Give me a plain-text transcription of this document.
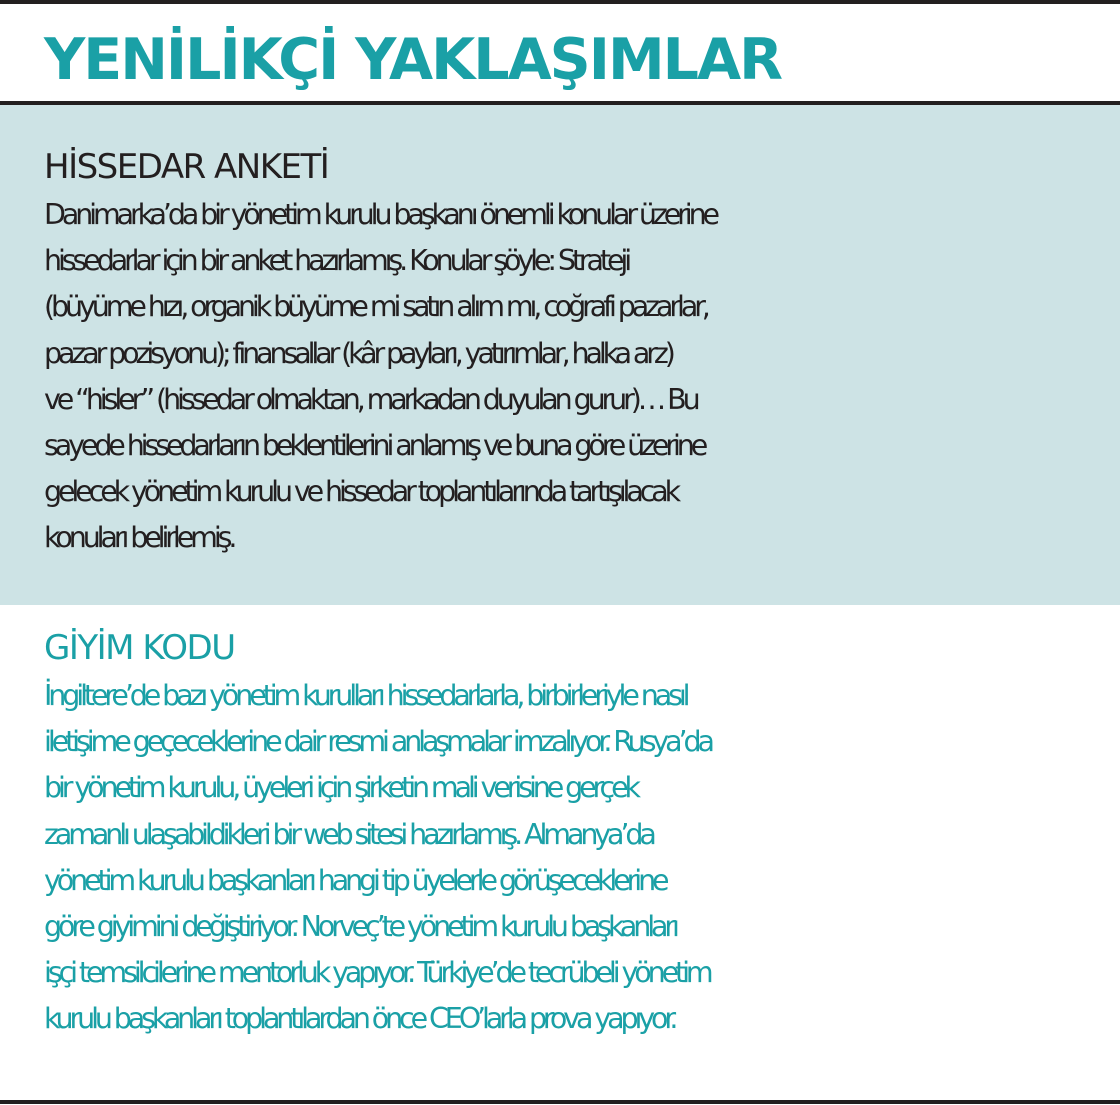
YENİLİKÇİ YAKLAŞIMLAR
HİSSEDAR ANKETİ

Danimarka’da bir yönetim kurulu başkanı önemli konular üzerine
hissedarlar için bir anket hazırlamış. Konular şöyle: Strateji
(büyüme hızı, organik büyüme mi satın alım mı, coğrafi pazarlar,
pazar pozisyonu); finansallar (kâr payları, yatırımlar, halka arz)
ve “hisler” (hissedar olmaktan, markadan duyulan gurur)… Bu
sayede hissedarların beklentilerini anlamış ve buna göre üzerine
gelecek yönetim kurulu ve hissedar toplantılarında tartışılacak
konuları belirlemiş.

GİYİM KODU

İngiltere’de bazı yönetim kurulları hissedarlarla, birbirleriyle nasıl
iletişime geçeceklerine dair resmi anlaşmalar imzalıyor. Rusya’da
bir yönetim kurulu, üyeleri için şirketin mali verisine gerçek
zamanlı ulaşabildikleri bir web sitesi hazırlamış. Almanya’da
yönetim kurulu başkanları hangi tip üyelerle görüşeceklerine
göre giyimini değiştiriyor. Norveç’te yönetim kurulu başkanları
işçi temsilcilerine mentorluk yapıyor. Türkiye’de tecrübeli yönetim
kurulu başkanları toplantılardan önce CEO’larla prova yapıyor.
